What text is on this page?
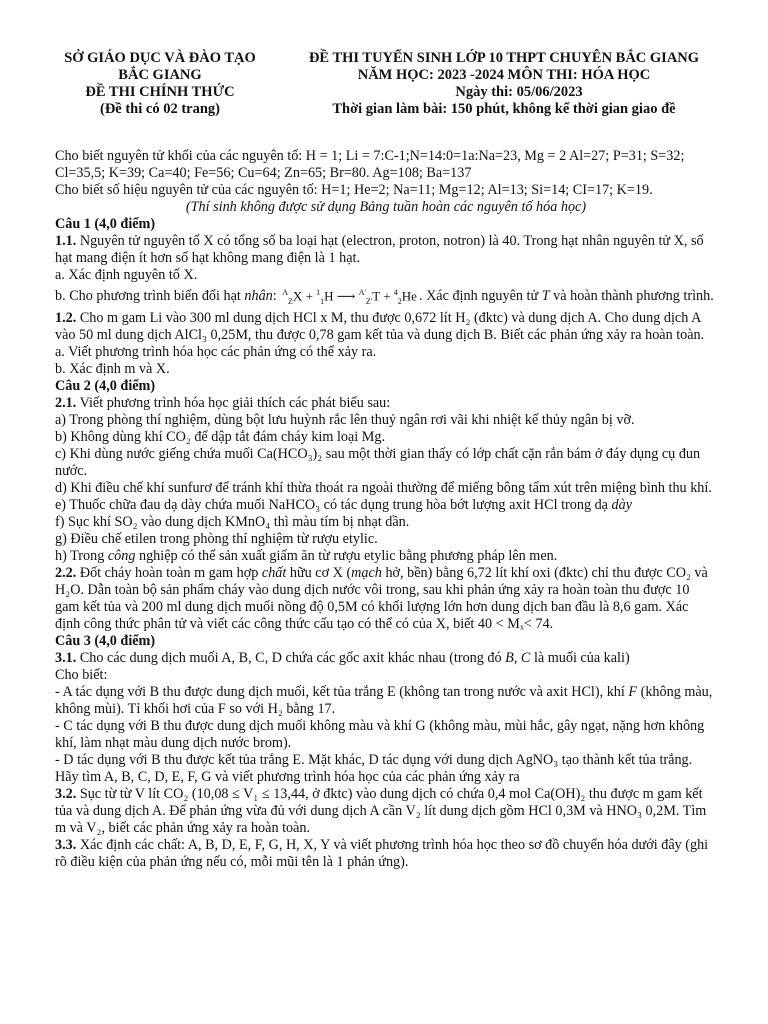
SỞ GIÁO DỤC VÀ ĐÀO TẠO
BẮC GIANG
ĐỀ THI CHÍNH THỨC
(Đề thi có 02 trang)
ĐỀ THI TUYỂN SINH LỚP 10 THPT CHUYÊN BẮC GIANG
NĂM HỌC: 2023 -2024 MÔN THI: HÓA HỌC
Ngày thi: 05/06/2023
Thời gian làm bài: 150 phút, không kể thời gian giao đề

Cho biết nguyên tử khối của các nguyên tố: H = 1; Li = 7:C-1;N=14:0=1a:Na=23, Mg = 2 Al=27; P=31; S=32; Cl=35,5; K=39; Ca=40; Fe=56; Cu=64; Zn=65; Br=80. Ag=108; Ba=137

Cho biết số hiệu nguyên tử của các nguyên tố: H=1; He=2; Na=11; Mg=12; Al=13; Si=14; CI=17; K=19.

(Thí sinh không được sử dụng Bảng tuần hoàn các nguyên tố hóa học)

Câu 1 (4,0 điểm)

1.1. Nguyên tử nguyên tố X có tổng số ba loại hạt (electron, proton, notron) là 40. Trong hạt nhân nguyên tử X, số hạt mang điện ít hơn số hạt không mang điện là 1 hạt.

a. Xác định nguyên tố X.

b. Cho phương trình biến đổi hạt nhân: $^A_Z$X + $^1_1$H ⟶ $^{A'}_{Z'}$T + $^4_2$He . Xác định nguyên tử T và hoàn thành phương trình.

1.2. Cho m gam Li vào 300 ml dung dịch HCl x M, thu được 0,672 lít H₂ (đktc) và dung dịch A. Cho dung dịch A vào 50 ml dung dịch AlCl₃ 0,25M, thu được 0,78 gam kết tủa và dung dịch B. Biết các phản ứng xảy ra hoàn toàn.

a. Viết phương trình hóa học các phản ứng có thể xảy ra.

b. Xác định m và X.

Câu 2 (4,0 điểm)

2.1. Viết phương trình hóa học giải thích các phát biểu sau:

a) Trong phòng thí nghiệm, dùng bột lưu huỳnh rắc lên thuỷ ngân rơi vãi khi nhiệt kế thủy ngân bị vỡ.

b) Không dùng khí CO₂ để dập tắt đám cháy kim loại Mg.

c) Khi dùng nước giếng chứa muối Ca(HCO₃)₂ sau một thời gian thấy có lớp chất cặn rắn bám ở đáy dụng cụ đun nước.

d) Khi điều chế khí sunfurơ để tránh khí thừa thoát ra ngoài thường để miếng bông tẩm xút trên miệng bình thu khí.

e) Thuốc chữa đau dạ dày chứa muối NaHCO₃ có tác dụng trung hòa bớt lượng axit HCl trong dạ dày

f) Sục khí SO₂ vào dung dịch KMnO₄ thì màu tím bị nhạt dần.

g) Điều chế etilen trong phòng thí nghiệm từ rượu etylic.

h) Trong công nghiệp có thể sản xuất giấm ăn từ rượu etylic bằng phương pháp lên men.

2.2. Đốt cháy hoàn toàn m gam hợp chất hữu cơ X (mạch hở, bền) bằng 6,72 lít khí oxi (đktc) chỉ thu được CO₂ và H₂O. Dẫn toàn bộ sản phẩm cháy vào dung dịch nước vôi trong, sau khi phản ứng xảy ra hoàn toàn thu được 10 gam kết tủa và 200 ml dung dịch muối nồng độ 0,5M có khối lượng lớn hơn dung dịch ban đầu là 8,6 gam. Xác định công thức phân tử và viết các công thức cấu tạo có thể có của X, biết 40 < Mₓ< 74.

Câu 3 (4,0 điểm)

3.1. Cho các dung dịch muối A, B, C, D chứa các gốc axit khác nhau (trong đó B, C là muối của kali)

Cho biết:

- A tác dụng với B thu được dung dịch muối, kết tủa trắng E (không tan trong nước và axit HCl), khí F (không màu, không mùi). Tỉ khối hơi của F so với H₂ bằng 17.

- C tác dụng với B thu được dung dịch muối không màu và khí G (không màu, mùi hắc, gây ngạt, nặng hơn không khí, làm nhạt màu dung dịch nước brom).

- D tác dụng với B thu được kết tủa trắng E. Mặt khác, D tác dụng với dung dịch AgNO₃ tạo thành kết tủa trắng.

Hãy tìm A, B, C, D, E, F, G và viết phương trình hóa học của các phản ứng xảy ra

3.2. Sục từ từ V lít CO₂ (10,08 ≤ V₁ ≤ 13,44, ở đktc) vào dung dịch có chứa 0,4 mol Ca(OH)₂ thu được m gam kết tủa và dung dịch A. Để phản ứng vừa đủ với dung dịch A cần V₂ lít dung dịch gồm HCl 0,3M và HNO₃ 0,2M. Tìm m và V₂, biết các phản ứng xảy ra hoàn toàn.

3.3. Xác định các chất: A, B, D, E, F, G, H, X, Y và viết phương trình hóa học theo sơ đồ chuyển hóa dưới đây (ghi rõ điều kiện của phản ứng nếu có, mỗi mũi tên là 1 phản ứng).
